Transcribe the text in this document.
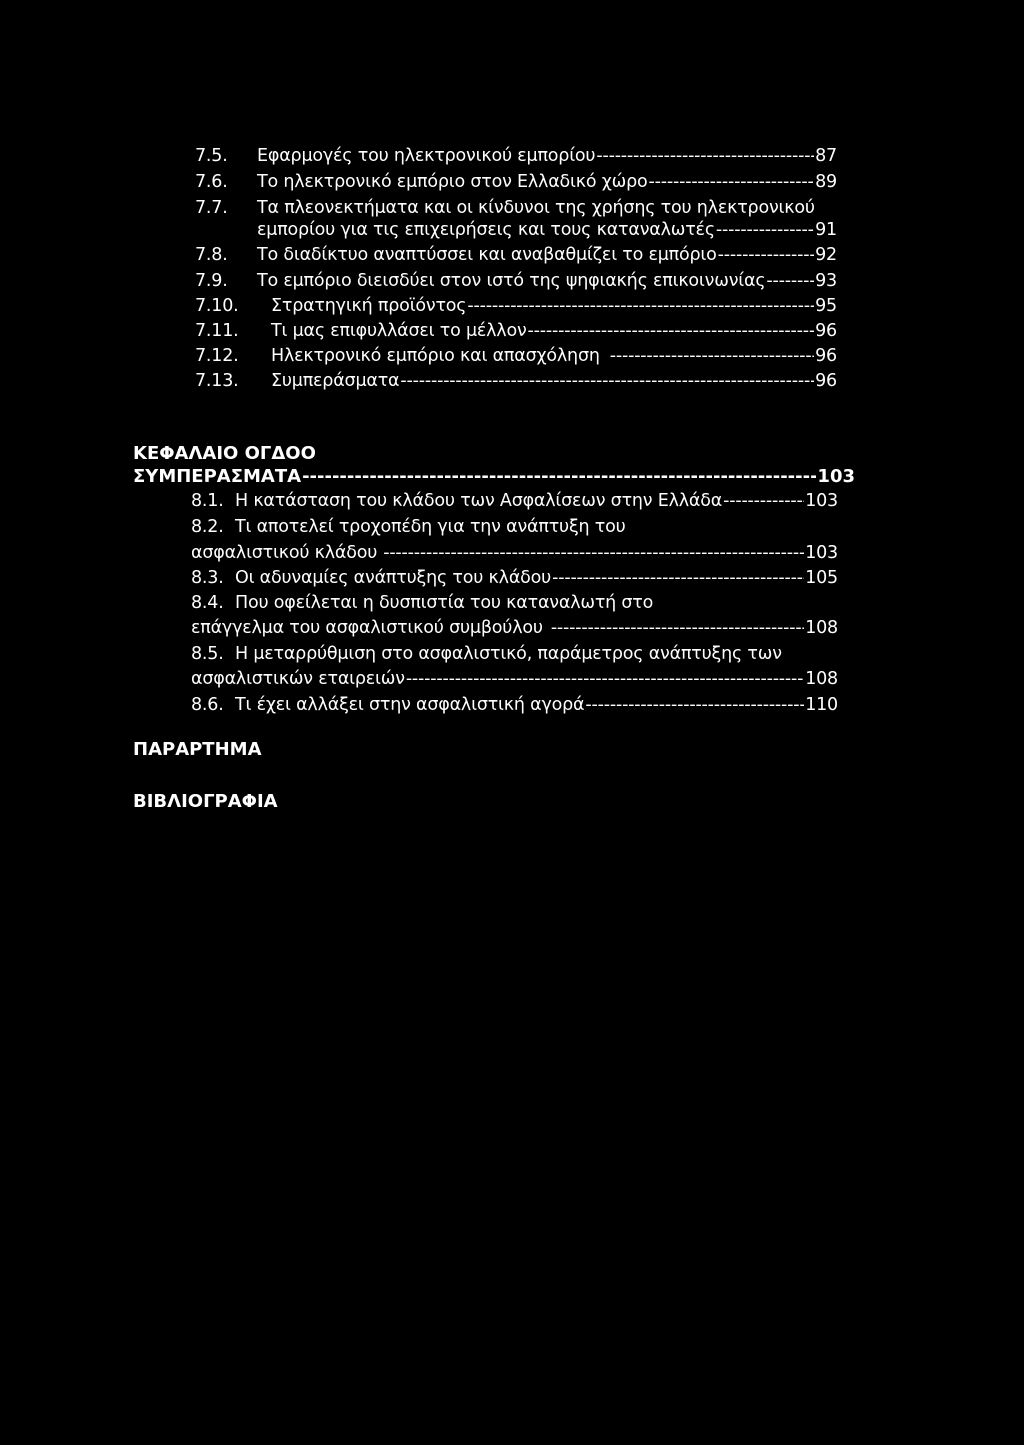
7.5.	Εφαρμογές του ηλεκτρονικού εμπορίου -----	87
7.6.	Το ηλεκτρονικό εμπόριο στον Ελλαδικό χώρο -----	89
7.7.	Τα πλεονεκτήματα και οι κίνδυνοι της χρήσης του ηλεκτρονικού
εμπορίου για τις επιχειρήσεις και τους καταναλωτές -----	91
7.8.	Το διαδίκτυο αναπτύσσει και αναβαθμίζει το εμπόριο -----	92
7.9.	Το εμπόριο διεισδύει στον ιστό της ψηφιακής επικοινωνίας -----	93
7.10.	Στρατηγική προϊόντος -----	95
7.11.	Τι μας επιφυλλάσει το μέλλον -----	96
7.12.	Ηλεκτρονικό εμπόριο και απασχόληση -----	96
7.13.	Συμπεράσματα -----	96
ΚΕΦΑΛΑΙΟ ΟΓΔΟΟ
ΣΥΜΠΕΡΑΣΜΑΤΑ -----	103
8.1. Η κατάσταση του κλάδου των Ασφαλίσεων στην Ελλάδα -----	103
8.2. Τι αποτελεί τροχοπέδη για την ανάπτυξη του
ασφαλιστικού κλάδου -----	103
8.3. Οι αδυναμίες ανάπτυξης του κλάδου -----	105
8.4. Που οφείλεται η δυσπιστία του καταναλωτή στο
επάγγελμα του ασφαλιστικού συμβούλου -----	108
8.5. Η μεταρρύθμιση στο ασφαλιστικό, παράμετρος ανάπτυξης των
ασφαλιστικών εταιρειών -----	108
8.6. Τι έχει αλλάξει στην ασφαλιστική αγορά -----	110
ΠΑΡΑΡΤΗΜΑ
ΒΙΒΛΙΟΓΡΑΦΙΑ
